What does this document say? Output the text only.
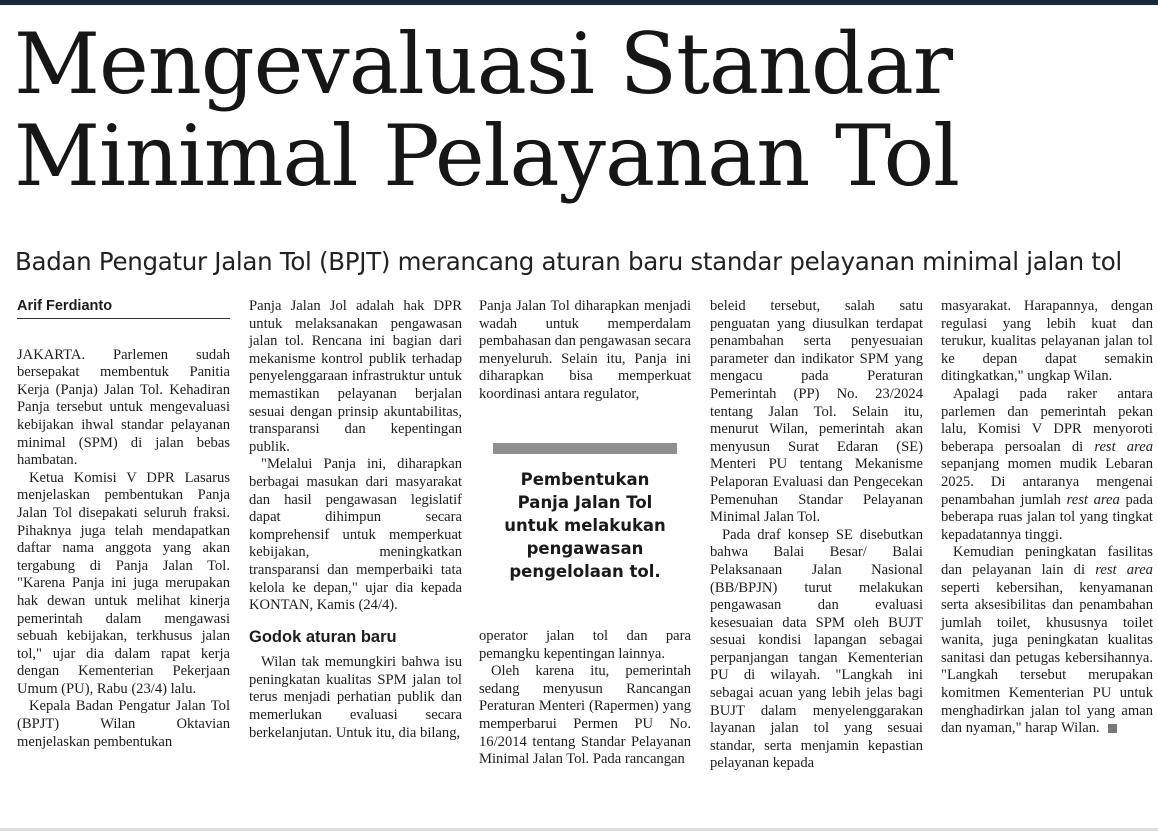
Mengevaluasi Standar
Minimal Pelayanan Tol
Badan Pengatur Jalan Tol (BPJT) merancang aturan baru standar pelayanan minimal jalan tol
Arif Ferdianto

JAKARTA. Parlemen sudah bersepakat membentuk Panitia Kerja (Panja) Jalan Tol. Kehadiran Panja tersebut untuk mengevaluasi kebijakan ihwal standar pelayanan minimal (SPM) di jalan bebas hambatan.

Ketua Komisi V DPR Lasarus menjelaskan pembentukan Panja Jalan Tol disepakati seluruh fraksi. Pihaknya juga telah mendapatkan daftar nama anggota yang akan tergabung di Panja Jalan Tol. "Karena Panja ini juga merupakan hak dewan untuk melihat kinerja pemerintah dalam mengawasi sebuah kebijakan, terkhusus jalan tol," ujar dia dalam rapat kerja dengan Kementerian Pekerjaan Umum (PU), Rabu (23/4) lalu.

Kepala Badan Pengatur Jalan Tol (BPJT) Wilan Oktavian menjelaskan pembentukan

Panja Jalan Jol adalah hak DPR untuk melaksanakan pengawasan jalan tol. Rencana ini bagian dari mekanisme kontrol publik terhadap penyelenggaraan infrastruktur untuk memastikan pelayanan berjalan sesuai dengan prinsip akuntabilitas, transparansi dan kepentingan publik.

"Melalui Panja ini, diharapkan berbagai masukan dari masyarakat dan hasil pengawasan legislatif dapat dihimpun secara komprehensif untuk memperkuat kebijakan, meningkatkan transparansi dan memperbaiki tata kelola ke depan," ujar dia kepada KONTAN, Kamis (24/4).

Godok aturan baru

Wilan tak memungkiri bahwa isu peningkatan kualitas SPM jalan tol terus menjadi perhatian publik dan memerlukan evaluasi secara berkelanjutan. Untuk itu, dia bilang,

Panja Jalan Tol diharapkan menjadi wadah untuk memperdalam pembahasan dan pengawasan secara menyeluruh. Selain itu, Panja ini diharapkan bisa memperkuat koordinasi antara regulator,

Pembentukan Panja Jalan Tol untuk melakukan pengawasan pengelolaan tol.

operator jalan tol dan para pemangku kepentingan lainnya.

Oleh karena itu, pemerintah sedang menyusun Rancangan Peraturan Menteri (Rapermen) yang memperbarui Permen PU No. 16/2014 tentang Standar Pelayanan Minimal Jalan Tol. Pada rancangan

beleid tersebut, salah satu penguatan yang diusulkan terdapat penambahan serta penyesuaian parameter dan indikator SPM yang mengacu pada Peraturan Pemerintah (PP) No. 23/2024 tentang Jalan Tol. Selain itu, menurut Wilan, pemerintah akan menyusun Surat Edaran (SE) Menteri PU tentang Mekanisme Pelaporan Evaluasi dan Pengecekan Pemenuhan Standar Pelayanan Minimal Jalan Tol.

Pada draf konsep SE disebutkan bahwa Balai Besar/ Balai Pelaksanaan Jalan Nasional (BB/BPJN) turut melakukan pengawasan dan evaluasi kesesuaian data SPM oleh BUJT sesuai kondisi lapangan sebagai perpanjangan tangan Kementerian PU di wilayah. "Langkah ini sebagai acuan yang lebih jelas bagi BUJT dalam menyelenggarakan layanan jalan tol yang sesuai standar, serta menjamin kepastian pelayanan kepada

masyarakat. Harapannya, dengan regulasi yang lebih kuat dan terukur, kualitas pelayanan jalan tol ke depan dapat semakin ditingkatkan," ungkap Wilan.

Apalagi pada raker antara parlemen dan pemerintah pekan lalu, Komisi V DPR menyoroti beberapa persoalan di rest area sepanjang momen mudik Lebaran 2025. Di antaranya mengenai penambahan jumlah rest area pada beberapa ruas jalan tol yang tingkat kepadatannya tinggi.

Kemudian peningkatan fasilitas dan pelayanan lain di rest area seperti kebersihan, kenyamanan serta aksesibilitas dan penambahan jumlah toilet, khususnya toilet wanita, juga peningkatan kualitas sanitasi dan petugas kebersihannya. "Langkah tersebut merupakan komitmen Kementerian PU untuk menghadirkan jalan tol yang aman dan nyaman," harap Wilan.
